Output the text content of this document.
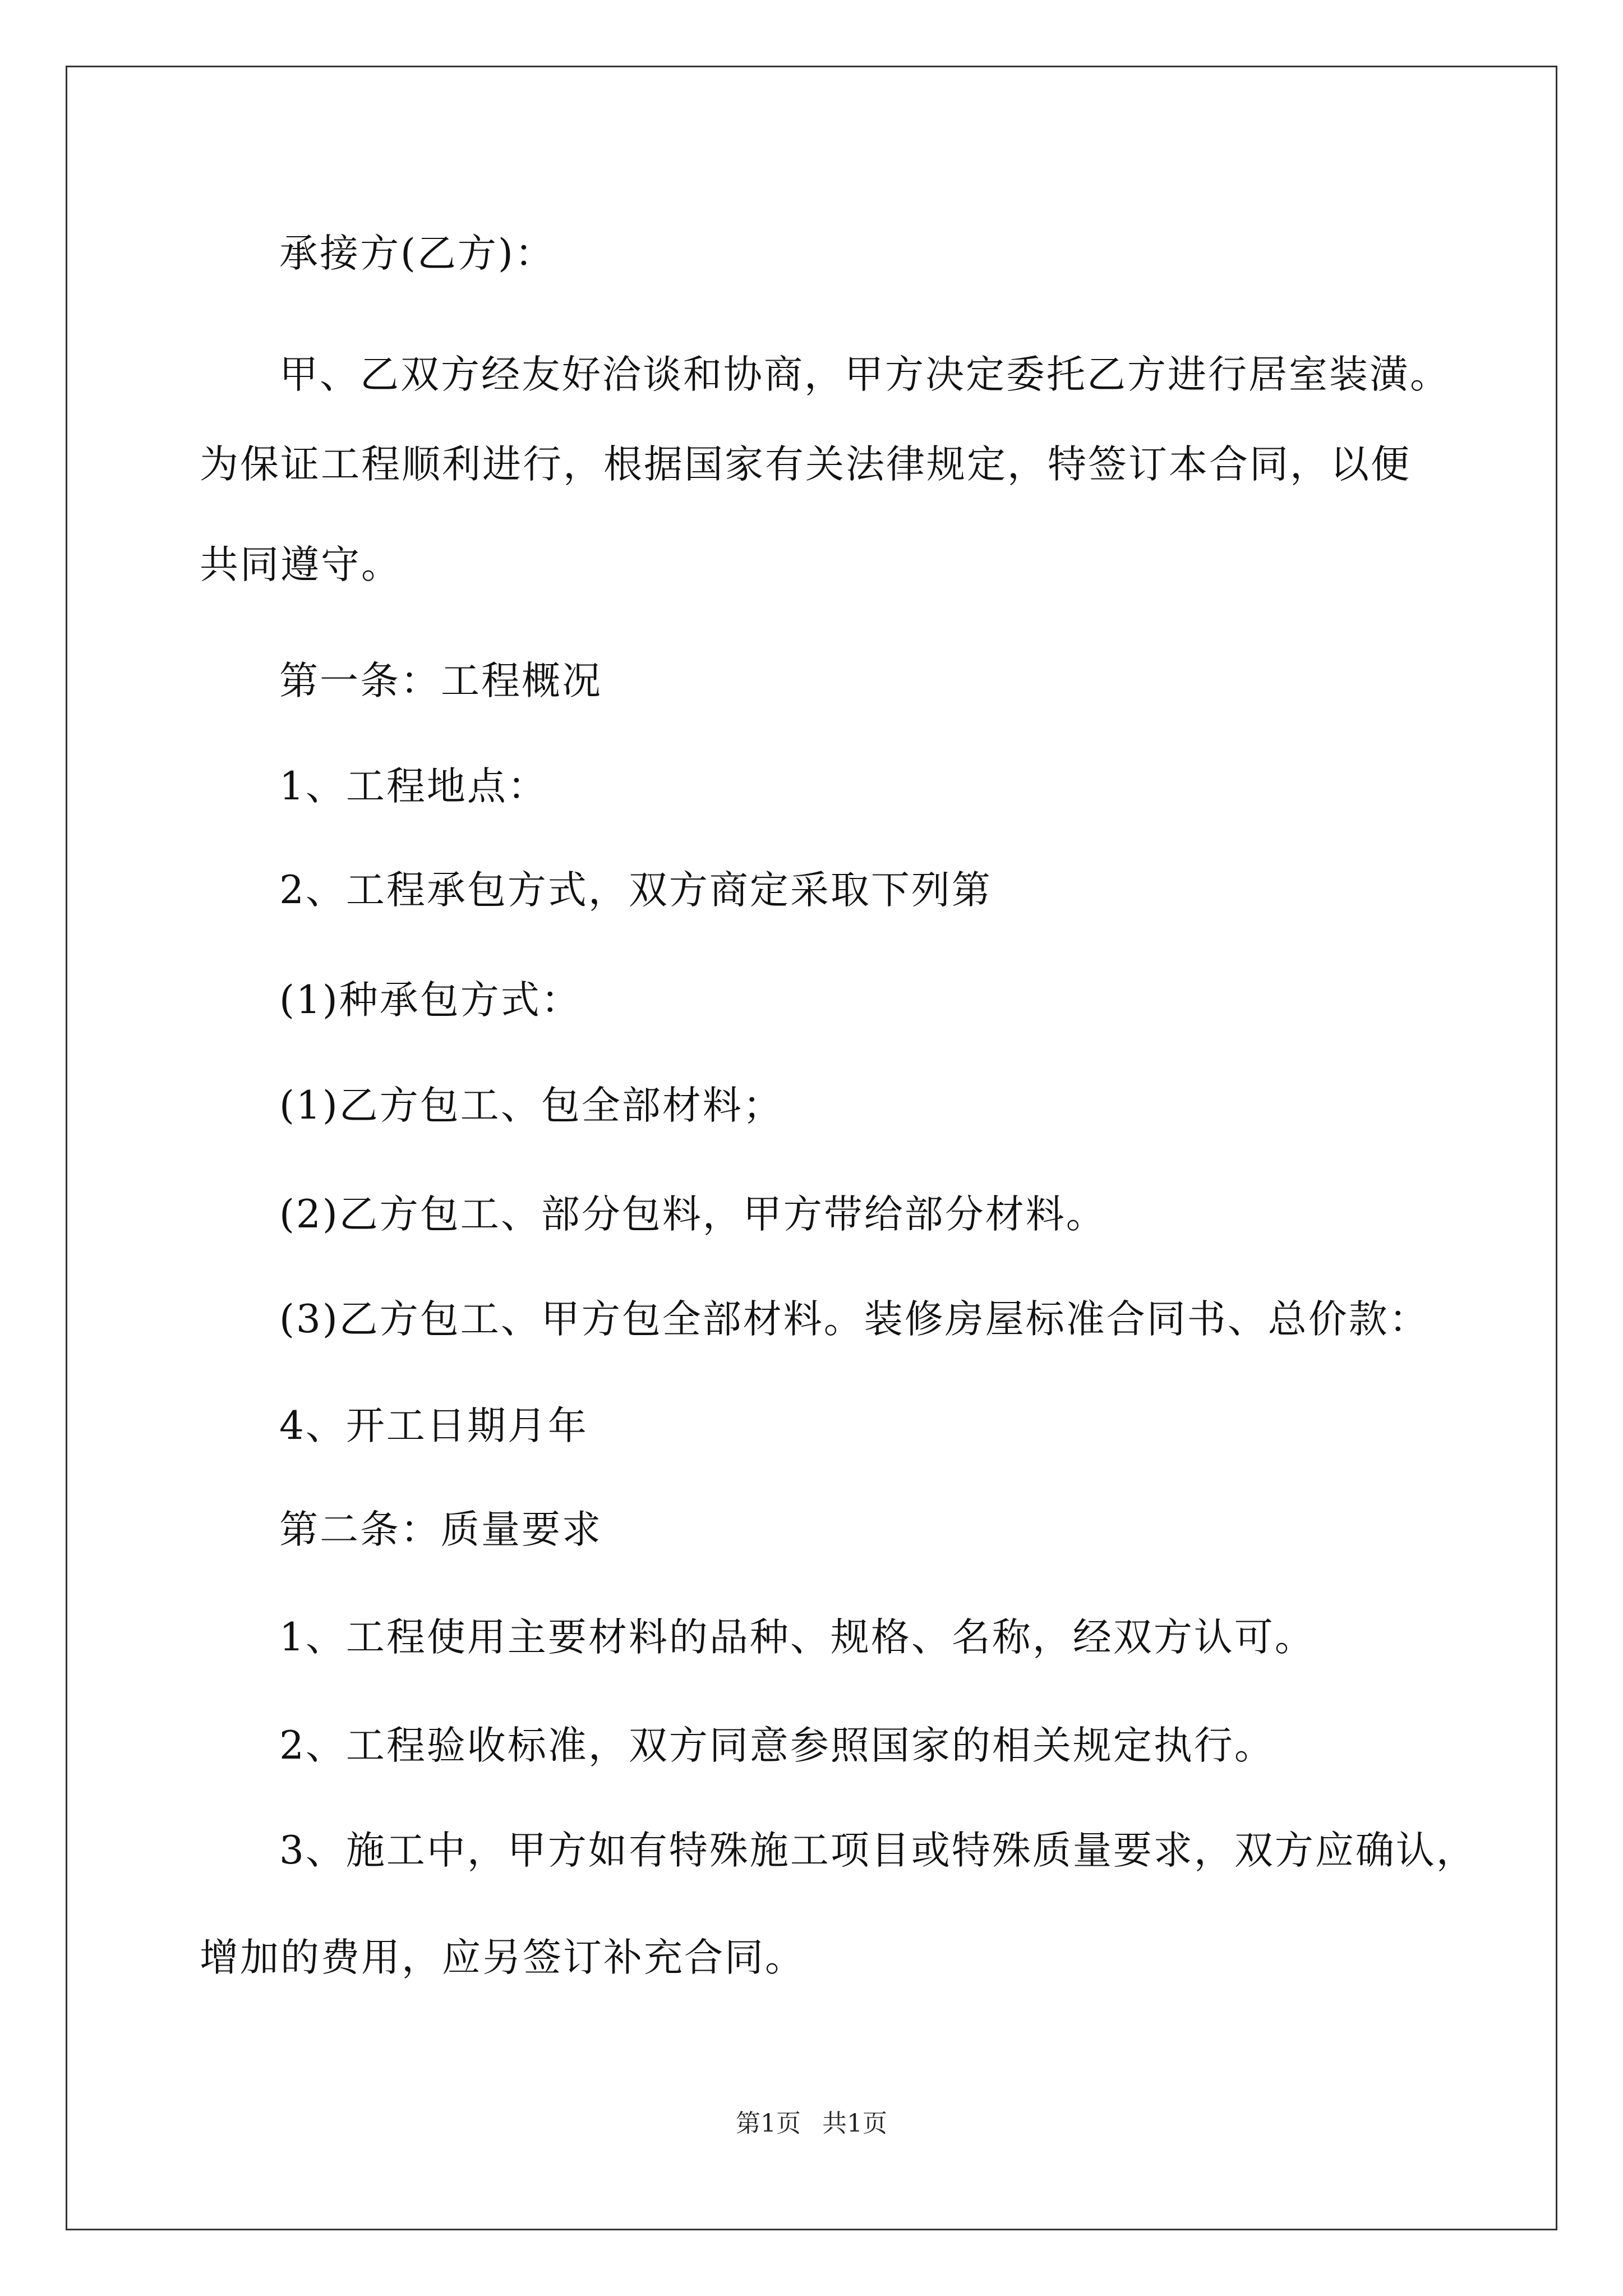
承接方(乙方)：

甲、乙双方经友好洽谈和协商，甲方决定委托乙方进行居室装潢。

为保证工程顺利进行，根据国家有关法律规定，特签订本合同，以便

共同遵守。

第一条：工程概况

1、工程地点：

2、工程承包方式，双方商定采取下列第

(1)种承包方式：

(1)乙方包工、包全部材料；

(2)乙方包工、部分包料，甲方带给部分材料。

(3)乙方包工、甲方包全部材料。装修房屋标准合同书、总价款：

4、开工日期月年

第二条：质量要求

1、工程使用主要材料的品种、规格、名称，经双方认可。

2、工程验收标准，双方同意参照国家的相关规定执行。

3、施工中，甲方如有特殊施工项目或特殊质量要求，双方应确认，

增加的费用，应另签订补充合同。

第1页 共1页
